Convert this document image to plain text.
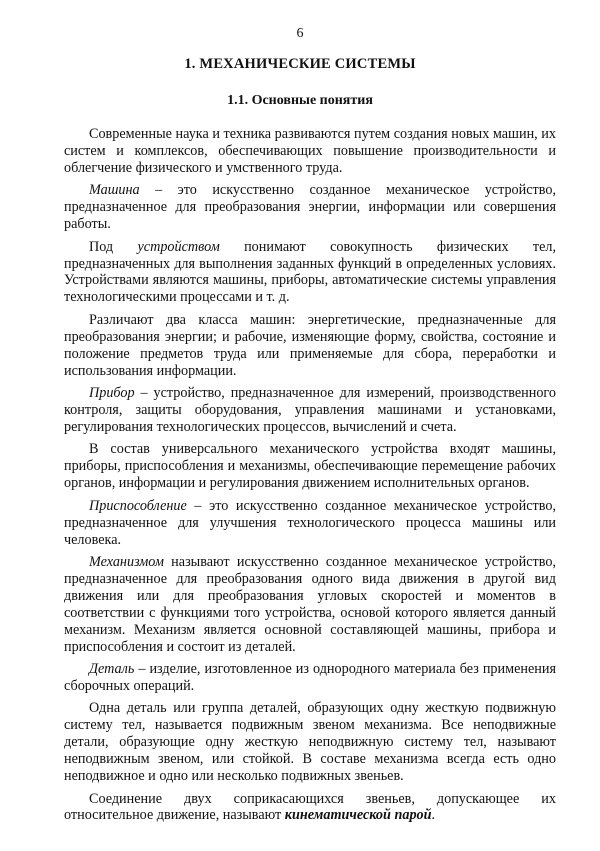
6
1. МЕХАНИЧЕСКИЕ СИСТЕМЫ
1.1. Основные понятия

Современные наука и техника развиваются путем создания новых машин, их систем и комплексов, обеспечивающих повышение производительности и облегчение физического и умственного труда.

Машина – это искусственно созданное механическое устройство, предназначенное для преобразования энергии, информации или совершения работы.

Под устройством понимают совокупность физических тел, предназначенных для выполнения заданных функций в определенных условиях. Устройствами являются машины, приборы, автоматические системы управления технологическими процессами и т. д.

Различают два класса машин: энергетические, предназначенные для преобразования энергии; и рабочие, изменяющие форму, свойства, состояние и положение предметов труда или применяемые для сбора, переработки и использования информации.

Прибор – устройство, предназначенное для измерений, производственного контроля, защиты оборудования, управления машинами и установками, регулирования технологических процессов, вычислений и счета.

В состав универсального механического устройства входят машины, приборы, приспособления и механизмы, обеспечивающие перемещение рабочих органов, информации и регулирования движением исполнительных органов.

Приспособление – это искусственно созданное механическое устройство, предназначенное для улучшения технологического процесса машины или человека.

Механизмом называют искусственно созданное механическое устройство, предназначенное для преобразования одного вида движения в другой вид движения или для преобразования угловых скоростей и моментов в соответствии с функциями того устройства, основой которого является данный механизм. Механизм является основной составляющей машины, прибора и приспособления и состоит из деталей.

Деталь – изделие, изготовленное из однородного материала без применения сборочных операций.

Одна деталь или группа деталей, образующих одну жесткую подвижную систему тел, называется подвижным звеном механизма. Все неподвижные детали, образующие одну жесткую неподвижную систему тел, называют неподвижным звеном, или стойкой. В составе механизма всегда есть одно неподвижное и одно или несколько подвижных звеньев.

Соединение двух соприкасающихся звеньев, допускающее их относительное движение, называют кинематической парой.
